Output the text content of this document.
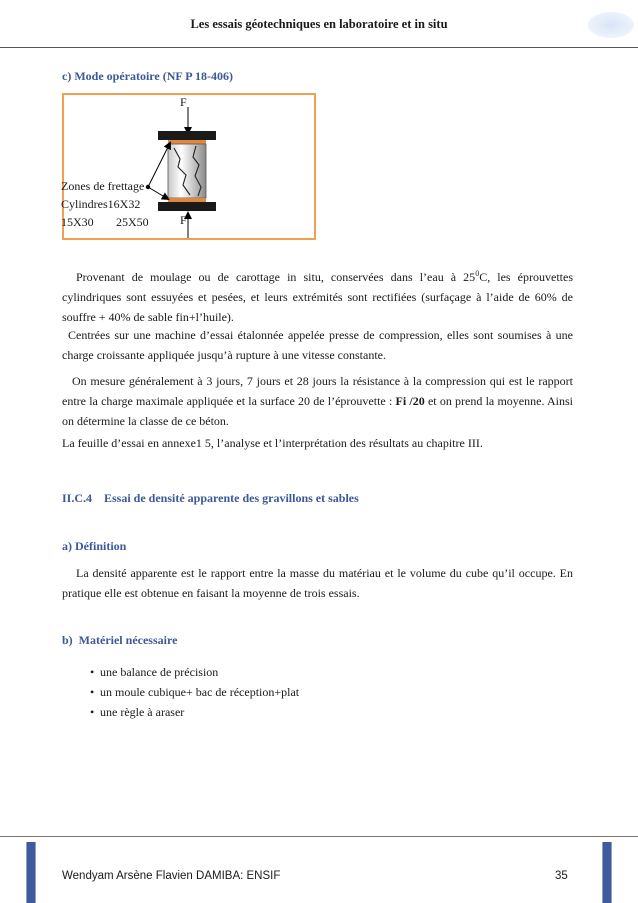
Les essais géotechniques en laboratoire et in situ
c) Mode opératoire (NF P 18-406)
F
F
Zones de frettage
Cylindres16X32
15X30 25X50

Provenant de moulage ou de carottage in situ, conservées dans l’eau à $25^0C$, les éprouvettes cylindriques sont essuyées et pesées, et leurs extrémités sont rectifiées (surfaçage à l’aide de 60% de souffre + 40% de sable fin+l’huile).

Centrées sur une machine d’essai étalonnée appelée presse de compression, elles sont soumises à une charge croissante appliquée jusqu’à rupture à une vitesse constante.

On mesure généralement à 3 jours, 7 jours et 28 jours la résistance à la compression qui est le rapport entre la charge maximale appliquée et la surface 20 de l’éprouvette : Fi /20 et on prend la moyenne. Ainsi on détermine la classe de ce béton.

La feuille d’essai en annexe1 5, l’analyse et l’interprétation des résultats au chapitre III.

II.C.4    Essai de densité apparente des gravillons et sables
a) Définition

La densité apparente est le rapport entre la masse du matériau et le volume du cube qu’il occupe. En pratique elle est obtenue en faisant la moyenne de trois essais.

b)  Matériel nécessaire
• une balance de précision
• un moule cubique+ bac de réception+plat
• une règle à araser
Wendyam Arsène Flavien DAMIBA: ENSIF	35
